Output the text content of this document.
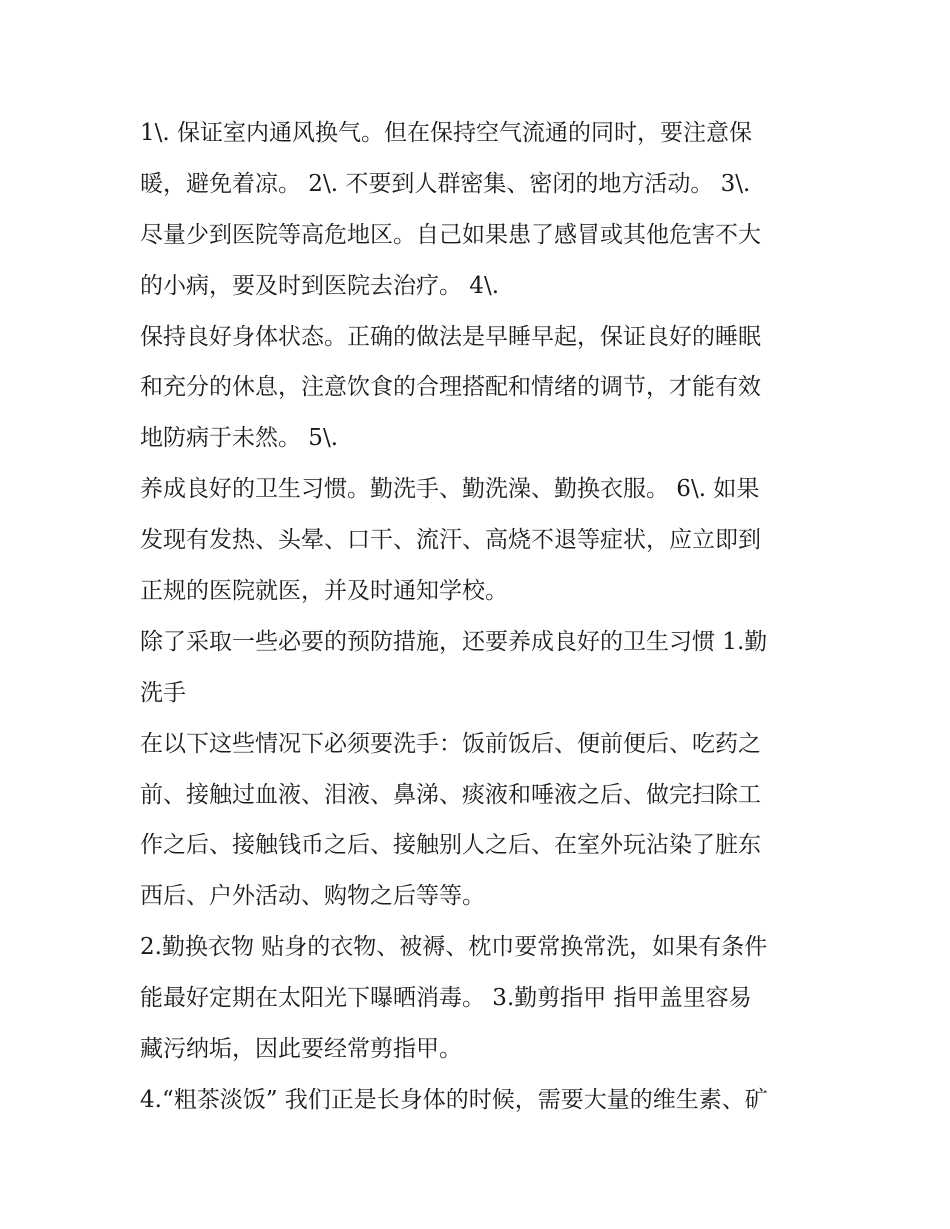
1\. 保证室内通风换气。但在保持空气流通的同时，要注意保
暖，避免着凉。 2\. 不要到人群密集、密闭的地方活动。 3\.
尽量少到医院等高危地区。自己如果患了感冒或其他危害不大
的小病，要及时到医院去治疗。 4\.
保持良好身体状态。正确的做法是早睡早起，保证良好的睡眠
和充分的休息，注意饮食的合理搭配和情绪的调节，才能有效
地防病于未然。 5\.
养成良好的卫生习惯。勤洗手、勤洗澡、勤换衣服。 6\. 如果
发现有发热、头晕、口干、流汗、高烧不退等症状，应立即到
正规的医院就医，并及时通知学校。
除了采取一些必要的预防措施，还要养成良好的卫生习惯 1.勤
洗手
在以下这些情况下必须要洗手：饭前饭后、便前便后、吃药之
前、接触过血液、泪液、鼻涕、痰液和唾液之后、做完扫除工
作之后、接触钱币之后、接触别人之后、在室外玩沾染了脏东
西后、户外活动、购物之后等等。
2.勤换衣物 贴身的衣物、被褥、枕巾要常换常洗，如果有条件
能最好定期在太阳光下曝晒消毒。 3.勤剪指甲 指甲盖里容易
藏污纳垢，因此要经常剪指甲。
4.“粗茶淡饭” 我们正是长身体的时候，需要大量的维生素、矿
